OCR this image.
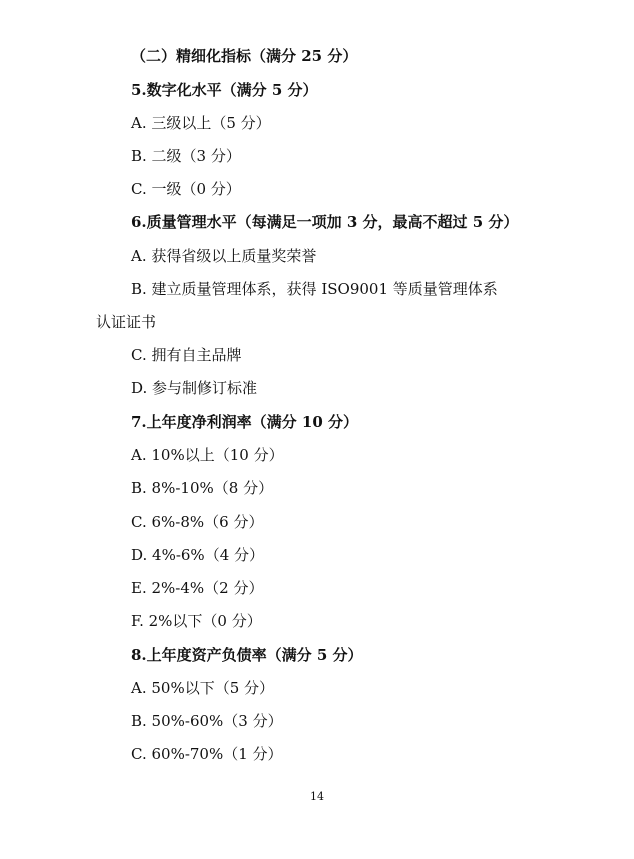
（二）精细化指标（满分 25 分）
5.数字化水平（满分 5 分）
A. 三级以上（5 分）
B. 二级（3 分）
C. 一级（0 分）
6.质量管理水平（每满足一项加 3 分，最高不超过 5 分）
A. 获得省级以上质量奖荣誉
B. 建立质量管理体系，获得 ISO9001 等质量管理体系
认证证书
C. 拥有自主品牌
D. 参与制修订标准
7.上年度净利润率（满分 10 分）
A. 10%以上（10 分）
B. 8%-10%（8 分）
C. 6%-8%（6 分）
D. 4%-6%（4 分）
E. 2%-4%（2 分）
F. 2%以下（0 分）
8.上年度资产负债率（满分 5 分）
A. 50%以下（5 分）
B. 50%-60%（3 分）
C. 60%-70%（1 分）
14
